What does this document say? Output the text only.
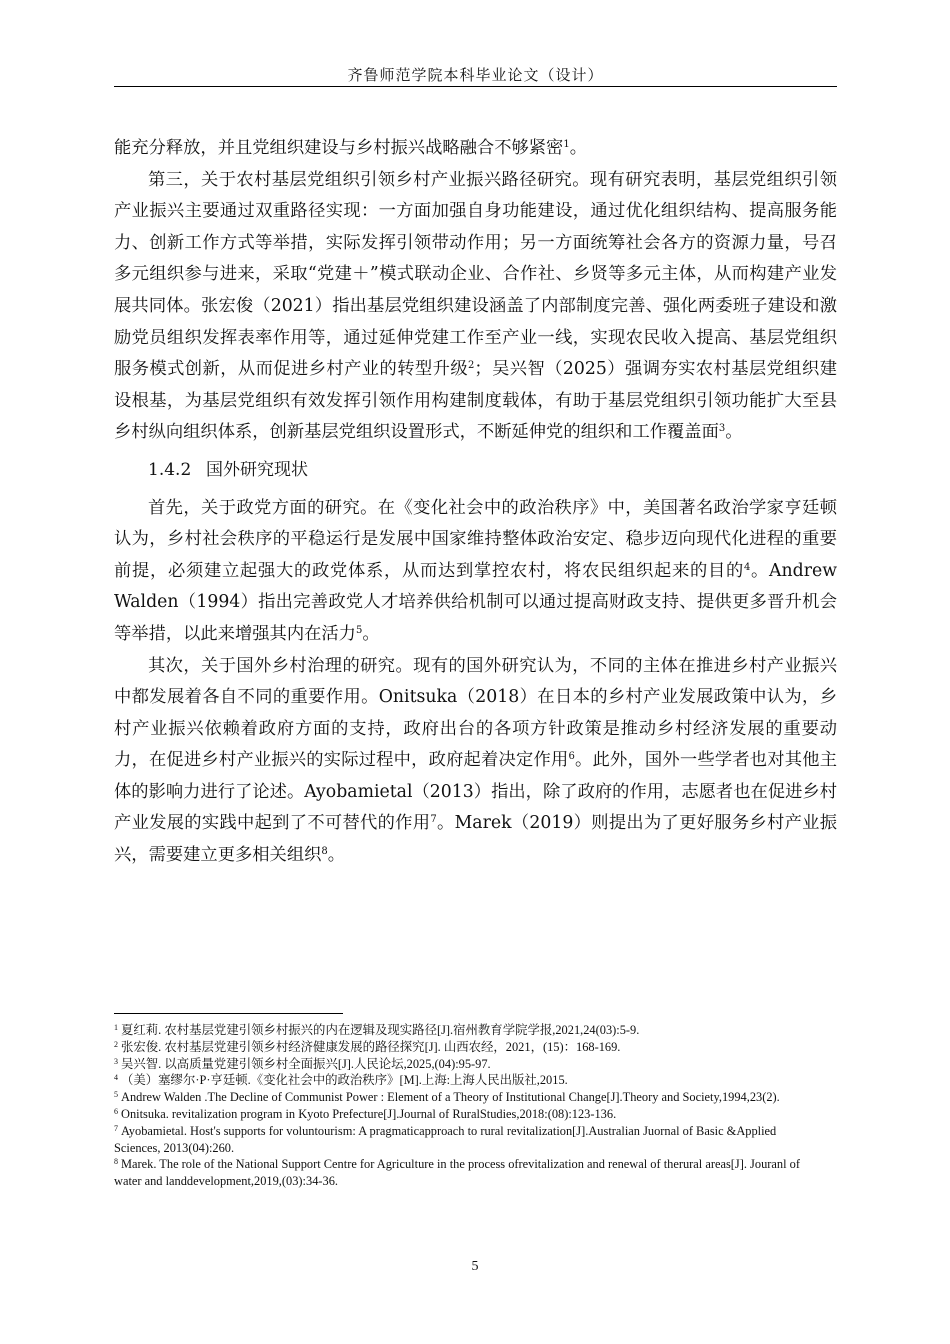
齐鲁师范学院本科毕业论文（设计）

能充分释放，并且党组织建设与乡村振兴战略融合不够紧密$^1$。

第三，关于农村基层党组织引领乡村产业振兴路径研究。现有研究表明，基层党组织引领产业振兴主要通过双重路径实现：一方面加强自身功能建设，通过优化组织结构、提高服务能力、创新工作方式等举措，实际发挥引领带动作用；另一方面统筹社会各方的资源力量，号召多元组织参与进来，采取“党建＋”模式联动企业、合作社、乡贤等多元主体，从而构建产业发展共同体。张宏俊（2021）指出基层党组织建设涵盖了内部制度完善、强化两委班子建设和激励党员组织发挥表率作用等，通过延伸党建工作至产业一线，实现农民收入提高、基层党组织服务模式创新，从而促进乡村产业的转型升级$^2$；吴兴智（2025）强调夯实农村基层党组织建设根基，为基层党组织有效发挥引领作用构建制度载体，有助于基层党组织引领功能扩大至县乡村纵向组织体系，创新基层党组织设置形式，不断延伸党的组织和工作覆盖面$^3$。

1.4.2 国外研究现状

首先，关于政党方面的研究。在《变化社会中的政治秩序》中，美国著名政治学家亨廷顿认为，乡村社会秩序的平稳运行是发展中国家维持整体政治安定、稳步迈向现代化进程的重要前提，必须建立起强大的政党体系，从而达到掌控农村，将农民组织起来的目的$^4$。Andrew Walden（1994）指出完善政党人才培养供给机制可以通过提高财政支持、提供更多晋升机会等举措，以此来增强其内在活力$^5$。

其次，关于国外乡村治理的研究。现有的国外研究认为，不同的主体在推进乡村产业振兴中都发展着各自不同的重要作用。Onitsuka（2018）在日本的乡村产业发展政策中认为，乡村产业振兴依赖着政府方面的支持，政府出台的各项方针政策是推动乡村经济发展的重要动力，在促进乡村产业振兴的实际过程中，政府起着决定作用$^6$。此外，国外一些学者也对其他主体的影响力进行了论述。Ayobamietal（2013）指出，除了政府的作用，志愿者也在促进乡村产业发展的实践中起到了不可替代的作用$^7$。Marek（2019）则提出为了更好服务乡村产业振兴，需要建立更多相关组织$^8$。

$^1$ 夏红莉. 农村基层党建引领乡村振兴的内在逻辑及现实路径[J].宿州教育学院学报,2021,24(03):5-9.

$^2$ 张宏俊. 农村基层党建引领乡村经济健康发展的路径探究[J]. 山西农经，2021，(15)：168-169.

$^3$ 吴兴智. 以高质量党建引领乡村全面振兴[J].人民论坛,2025,(04):95-97.

$^4$ （美）塞缪尔·P·亨廷顿.《变化社会中的政治秩序》[M].上海:上海人民出版社,2015.

$^5$ Andrew Walden .The Decline of Communist Power : Element of a Theory of Institutional Change[J].Theory and Society,1994,23(2).

$^6$ Onitsuka. revitalization program in Kyoto Prefecture[J].Journal of RuralStudies,2018:(08):123-136.

$^7$ Ayobamietal. Host's supports for voluntourism: A pragmaticapproach to rural revitalization[J].Australian Juornal of Basic &Applied Sciences, 2013(04):260.

$^8$ Marek. The role of the National Support Centre for Agriculture in the process ofrevitalization and renewal of therural areas[J]. Jouranl of water and landdevelopment,2019,(03):34-36.

5
